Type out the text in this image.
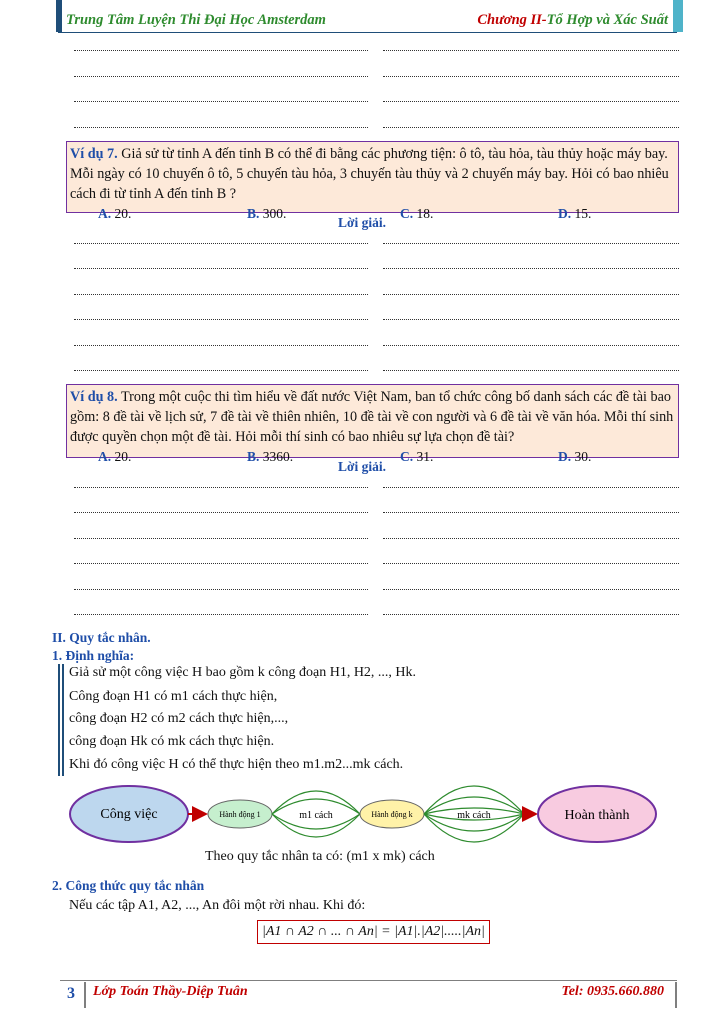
Trung Tâm Luyện Thi Đại Học Amsterdam	Chương II-Tổ Hợp và Xác Suất
Ví dụ 7. Giả sử từ tỉnh A đến tỉnh B có thể đi bằng các phương tiện: ô tô, tàu hỏa, tàu thủy hoặc máy bay. Mỗi ngày có 10 chuyến ô tô, 5 chuyến tàu hỏa, 3 chuyến tàu thủy và 2 chuyến máy bay. Hỏi có bao nhiêu cách đi từ tỉnh A đến tỉnh B ?
A. 20.	B. 300.	C. 18.	D. 15.
Lời giải.
Ví dụ 8. Trong một cuộc thi tìm hiểu về đất nước Việt Nam, ban tổ chức công bố danh sách các đề tài bao gồm: 8 đề tài về lịch sử, 7 đề tài về thiên nhiên, 10 đề tài về con người và 6 đề tài về văn hóa. Mỗi thí sinh được quyền chọn một đề tài. Hỏi mỗi thí sinh có bao nhiêu sự lựa chọn đề tài?
A. 20.	B. 3360.	C. 31.	D. 30.
Lời giải.
II. Quy tắc nhân.
1. Định nghĩa:
Giả sử một công việc H bao gồm k công đoạn H1, H2, ..., Hk.
Công đoạn H1 có m1 cách thực hiện,
công đoạn H2 có m2 cách thực hiện,...,
công đoạn Hk có mk cách thực hiện.
Khi đó công việc H có thể thực hiện theo m1.m2...mk cách.
Công việc	Hành động 1	m1 cách	Hành động k	mk cách	Hoàn thành
Theo quy tắc nhân ta có: (m1 x mk) cách
2. Công thức quy tắc nhân
Nếu các tập A1, A2, ..., An đôi một rời nhau. Khi đó:
|A1 ∩ A2 ∩ ... ∩ An| = |A1|.|A2|.....|An|
3 Lớp Toán Thầy-Diệp Tuân	Tel: 0935.660.880
